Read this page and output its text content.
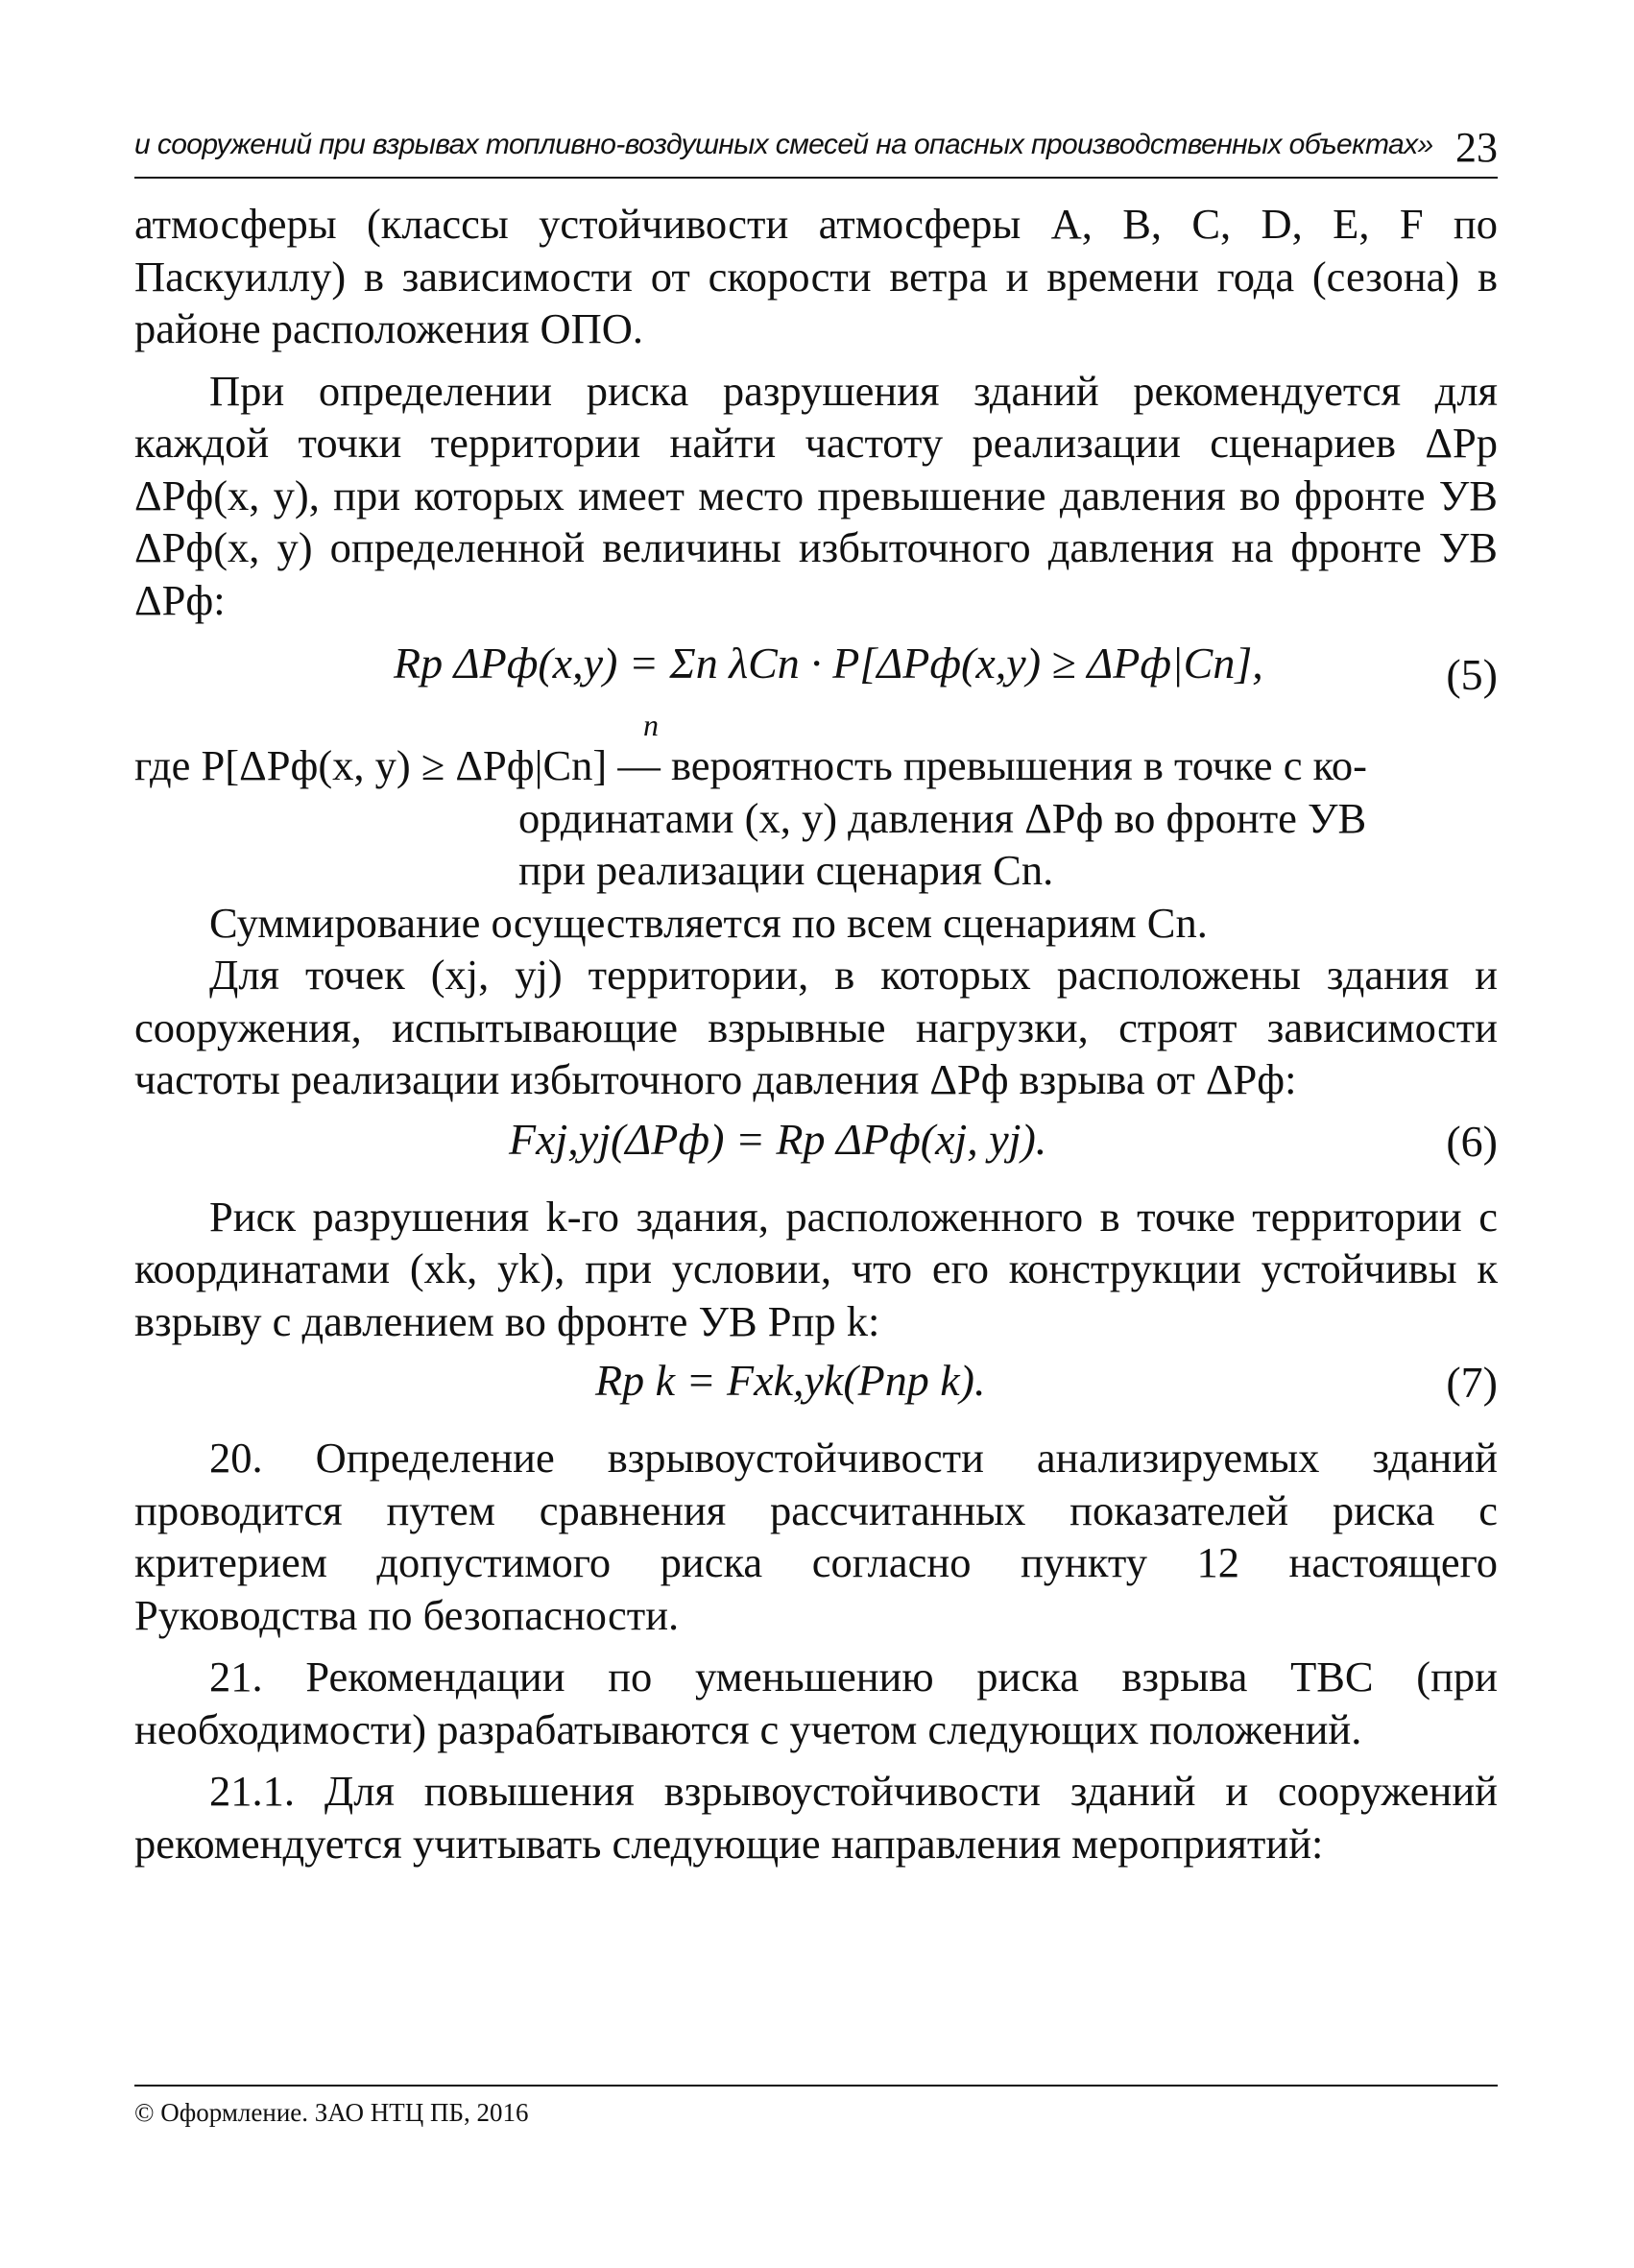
и сооружений при взрывах топливно-воздушных смесей на опасных производственных объектах» 23

атмосферы (классы устойчивости атмосферы A, B, C, D, E, F по Паскуиллу) в зависимости от скорости ветра и времени года (сезона) в районе расположения ОПО.

При определении риска разрушения зданий рекомендуется для каждой точки территории найти частоту реализации сценариев ΔPр ΔPф(x, y), при которых имеет место превышение давления во фронте УВ ΔPф(x, y) определенной величины избыточного давления на фронте УВ ΔPф:

Rр ΔPф(x,y) = Σn λCn · P[ΔPф(x,y) ≥ ΔPф|Cn],
n
(5)
где P[ΔPф(x, y) ≥ ΔPф|Cn] — вероятность превышения в точке с ко-
ординатами (x, y) давления ΔPф во фронте УВ
при реализации сценария Cn.

Суммирование осуществляется по всем сценариям Cn.

Для точек (xj, yj) территории, в которых расположены здания и сооружения, испытывающие взрывные нагрузки, строят зависимости частоты реализации избыточного давления ΔPф взрыва от ΔPф:

Fxj,yj(ΔPф) = Rр ΔPф(xj, yj).	(6)

Риск разрушения k-го здания, расположенного в точке территории с координатами (xk, yk), при условии, что его конструкции устойчивы к взрыву с давлением во фронте УВ Pпр k:

Rр k = Fxk,yk(Pпр k).	(7)

20. Определение взрывоустойчивости анализируемых зданий проводится путем сравнения рассчитанных показателей риска с критерием допустимого риска согласно пункту 12 настоящего Руководства по безопасности.

21. Рекомендации по уменьшению риска взрыва ТВС (при необходимости) разрабатываются с учетом следующих положений.

21.1. Для повышения взрывоустойчивости зданий и сооружений рекомендуется учитывать следующие направления мероприятий:

© Оформление. ЗАО НТЦ ПБ, 2016
